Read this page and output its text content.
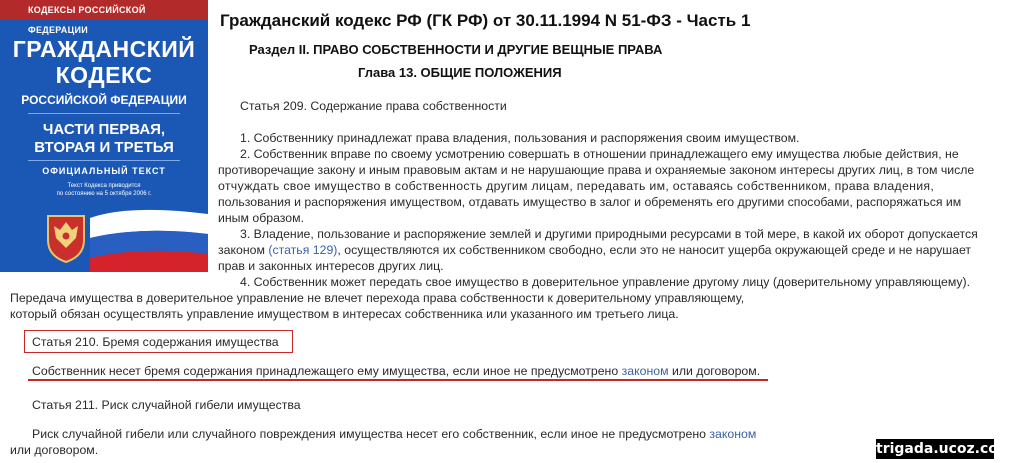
КОДЕКСЫ РОССИЙСКОЙ ФЕДЕРАЦИИ
ГРАЖДАНСКИЙ
КОДЕКС
РОССИЙСКОЙ ФЕДЕРАЦИИ
ЧАСТИ ПЕРВАЯ,
ВТОРАЯ И ТРЕТЬЯ
ОФИЦИАЛЬНЫЙ ТЕКСТ
Текст Кодекса приводится
по состоянию на 5 октября 2006 г.
Гражданский кодекс РФ (ГК РФ) от 30.11.1994 N 51-ФЗ - Часть 1
Раздел II. ПРАВО СОБСТВЕННОСТИ И ДРУГИЕ ВЕЩНЫЕ ПРАВА
Глава 13. ОБЩИЕ ПОЛОЖЕНИЯ
Статья 209. Содержание права собственности
1. Собственнику принадлежат права владения, пользования и распоряжения своим имуществом.
2. Собственник вправе по своему усмотрению совершать в отношении принадлежащего ему имущества любые действия, не
противоречащие закону и иным правовым актам и не нарушающие права и охраняемые законом интересы других лиц, в том числе
отчуждать свое имущество в собственность другим лицам, передавать им, оставаясь собственником, права владения,
пользования и распоряжения имуществом, отдавать имущество в залог и обременять его другими способами, распоряжаться им
иным образом.
3. Владение, пользование и распоряжение землей и другими природными ресурсами в той мере, в какой их оборот допускается
законом (статья 129), осуществляются их собственником свободно, если это не наносит ущерба окружающей среде и не нарушает
прав и законных интересов других лиц.
4. Собственник может передать свое имущество в доверительное управление другому лицу (доверительному управляющему).
Передача имущества в доверительное управление не влечет перехода права собственности к доверительному управляющему,
который обязан осуществлять управление имуществом в интересах собственника или указанного им третьего лица.
Статья 210. Бремя содержания имущества
Собственник несет бремя содержания принадлежащего ему имущества, если иное не предусмотрено законом или договором.
Статья 211. Риск случайной гибели имущества
Риск случайной гибели или случайного повреждения имущества несет его собственник, если иное не предусмотрено законом
или договором.	trigada.ucoz.com
